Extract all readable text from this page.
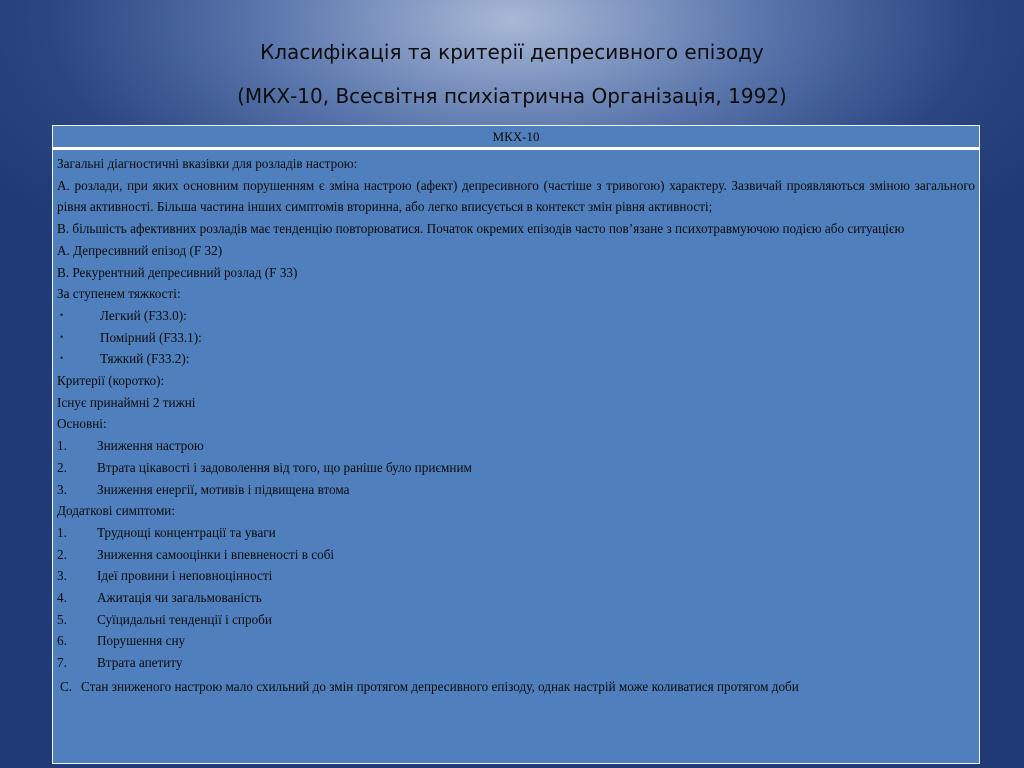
Класифікація та критерії депресивного епізоду
(МКХ-10, Всесвітня психіатрична Організація, 1992)
МКХ-10
Загальні діагностичні вказівки для розладів настрою:
А. розлади, при яких основним порушенням є зміна настрою (афект) депресивного (частіше з тривогою) характеру. Зазвичай проявляються зміною загального рівня активності. Більша частина інших симптомів вторинна, або легко вписується в контекст змін рівня активності;
В. більшість афективних розладів має тенденцію повторюватися. Початок окремих епізодів часто пов’язане з психотравмуючою подією або ситуацією
А. Депресивний епізод (F 32)
В. Рекурентний депресивний розлад (F 33)
За ступенем тяжкості:
•	Легкий (F33.0):
•	Помірний (F33.1):
•	Тяжкий (F33.2):
Критерії (коротко):
Існує принаймні 2 тижні
Основні:
1.	Зниження настрою
2.	Втрата цікавості і задоволення від того, що раніше було приємним
3.	Зниження енергії, мотивів і підвищена втома
Додаткові симптоми:
1.	Труднощі концентрації та уваги
2.	Зниження самооцінки і впевненості в собі
3.	Ідеї провини і неповноцінності
4.	Ажитація чи загальмованість
5.	Суїцидальні тенденції і спроби
6.	Порушення сну
7.	Втрата апетиту
С. Стан зниженого настрою мало схильний до змін протягом депресивного епізоду, однак настрій може коливатися протягом доби
